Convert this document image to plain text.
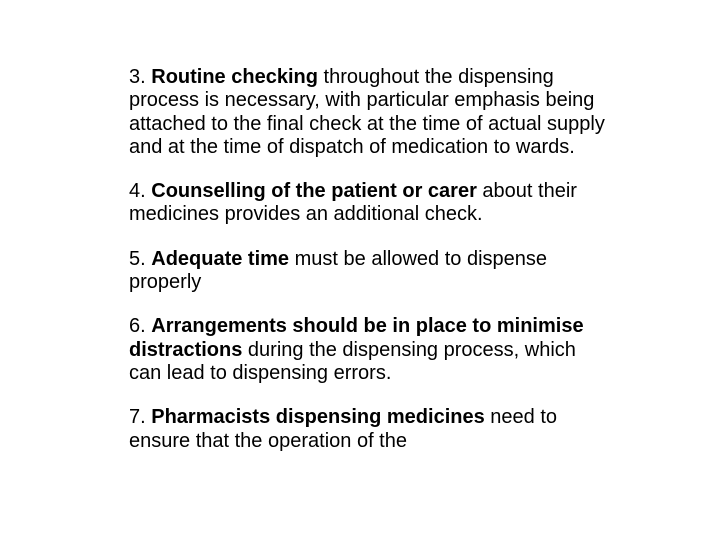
3. Routine checking throughout the dispensing process is necessary, with particular emphasis being attached to the final check at the time of actual supply and at the time of dispatch of medication to wards.

4. Counselling of the patient or carer about their medicines provides an additional check.

5. Adequate time must be allowed to dispense properly

6. Arrangements should be in place to minimise distractions during the dispensing process, which can lead to dispensing errors.

7. Pharmacists dispensing medicines need to ensure that the operation of the
